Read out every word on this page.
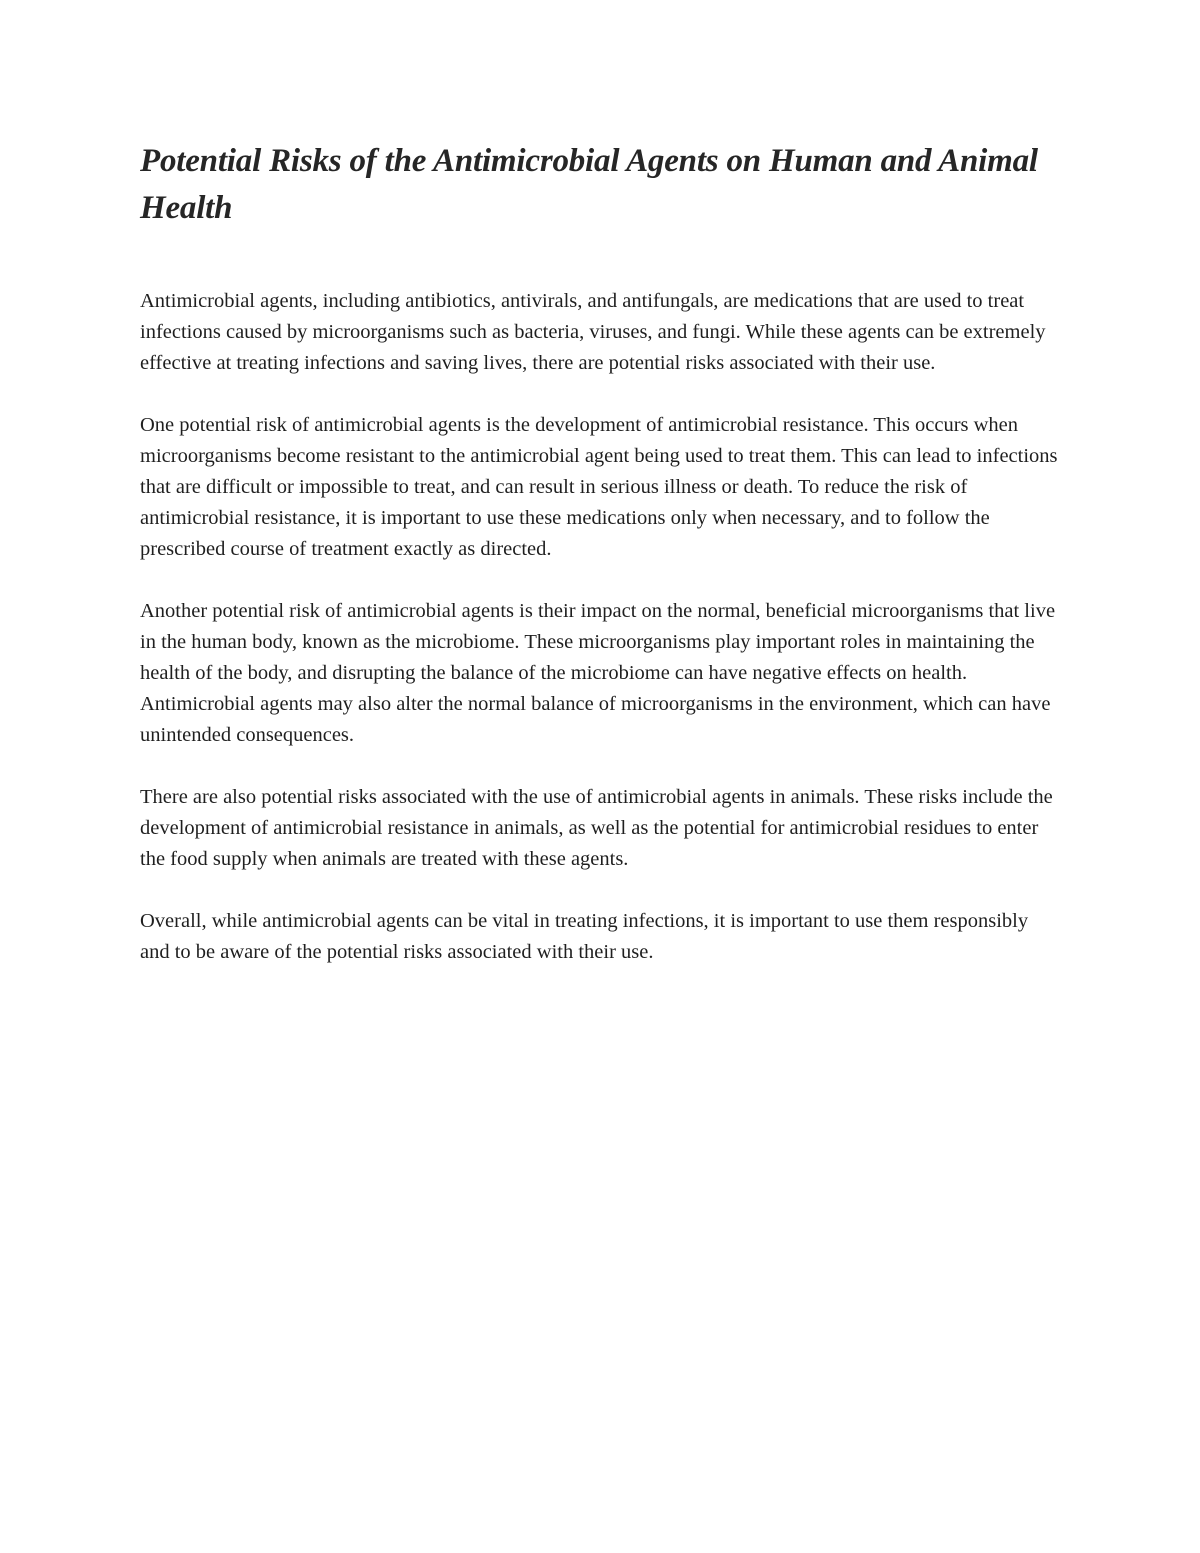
Potential Risks of the Antimicrobial Agents on Human and Animal Health

Antimicrobial agents, including antibiotics, antivirals, and antifungals, are medications that are used to treat infections caused by microorganisms such as bacteria, viruses, and fungi. While these agents can be extremely effective at treating infections and saving lives, there are potential risks associated with their use.

One potential risk of antimicrobial agents is the development of antimicrobial resistance. This occurs when microorganisms become resistant to the antimicrobial agent being used to treat them. This can lead to infections that are difficult or impossible to treat, and can result in serious illness or death. To reduce the risk of antimicrobial resistance, it is important to use these medications only when necessary, and to follow the prescribed course of treatment exactly as directed.

Another potential risk of antimicrobial agents is their impact on the normal, beneficial microorganisms that live in the human body, known as the microbiome. These microorganisms play important roles in maintaining the health of the body, and disrupting the balance of the microbiome can have negative effects on health. Antimicrobial agents may also alter the normal balance of microorganisms in the environment, which can have unintended consequences.

There are also potential risks associated with the use of antimicrobial agents in animals. These risks include the development of antimicrobial resistance in animals, as well as the potential for antimicrobial residues to enter the food supply when animals are treated with these agents.

Overall, while antimicrobial agents can be vital in treating infections, it is important to use them responsibly and to be aware of the potential risks associated with their use.
